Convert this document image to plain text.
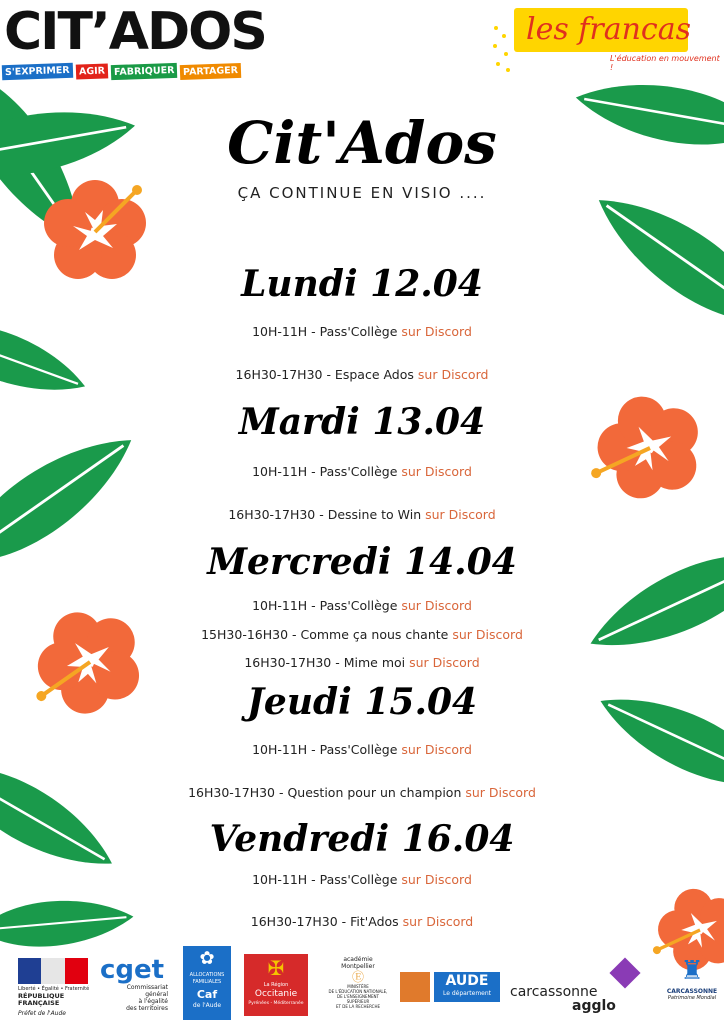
CIT’ADOS
S'EXPRIMER AGIR FABRIQUER PARTAGER
les francas
L'éducation en mouvement !
Cit'Ados
ÇA CONTINUE EN VISIO ....
Lundi 12.04
10H-11H - Pass'Collège sur Discord
16H30-17H30 - Espace Ados sur Discord
Mardi 13.04
10H-11H - Pass'Collège sur Discord
16H30-17H30 - Dessine to Win sur Discord
Mercredi 14.04
10H-11H - Pass'Collège sur Discord
15H30-16H30 - Comme ça nous chante sur Discord
16H30-17H30 - Mime moi sur Discord
Jeudi 15.04
10H-11H - Pass'Collège sur Discord
16H30-17H30 - Question pour un champion sur Discord
Vendredi 16.04
10H-11H - Pass'Collège sur Discord
16H30-17H30 - Fit'Ados sur Discord
Liberté • Égalité • Fraternité
RÉPUBLIQUE FRANÇAISE
Préfet de l'Aude
cget
Commissariat
général
à l'égalité
des territoires
✿
ALLOCATIONS
FAMILIALES
Caf
de l'Aude
✠
La Région
Occitanie
Pyrénées - Méditerranée
académie
Montpellier
Ⓔ
MINISTÈRE
DE L'ÉDUCATION NATIONALE,
DE L'ENSEIGNEMENT SUPÉRIEUR
ET DE LA RECHERCHE
AUDE
Le département	carcassonne
agglo
♜
CARCASSONNE
Patrimoine Mondial
